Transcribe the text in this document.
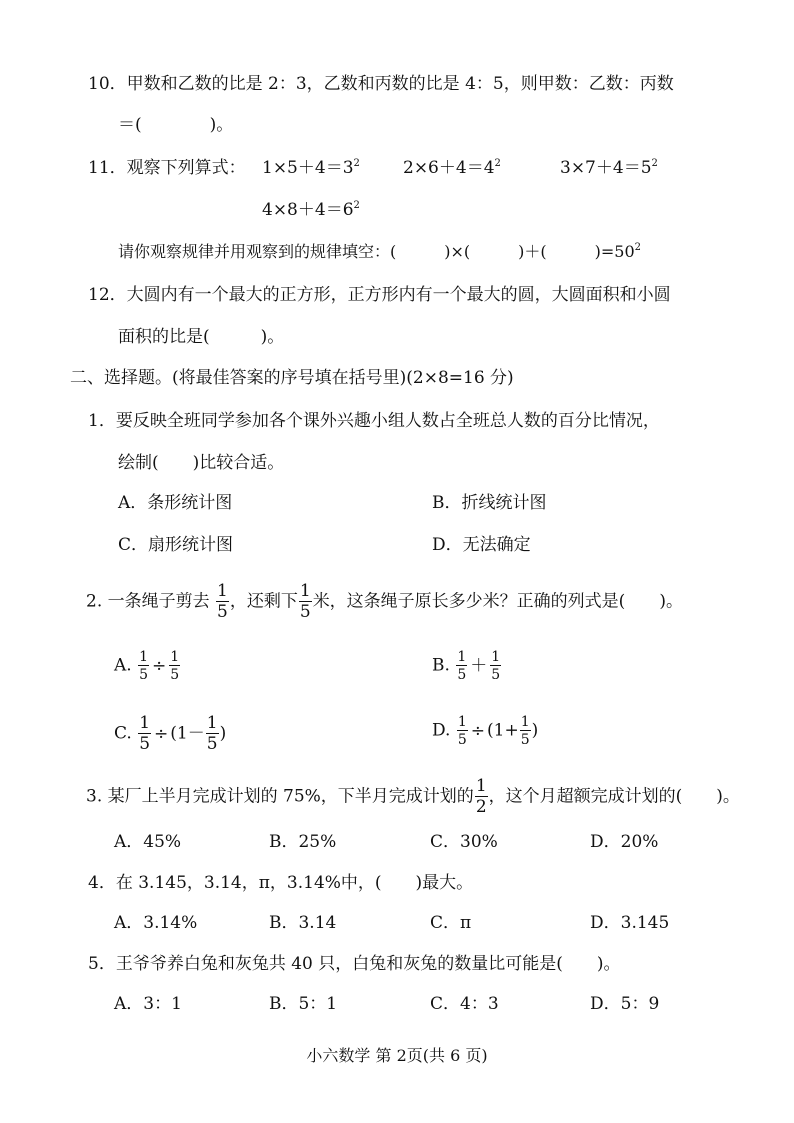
10．甲数和乙数的比是 2：3，乙数和丙数的比是 4：5，则甲数：乙数：丙数
＝(　　　　)。
11．观察下列算式： $1\times 5+4=3^2$	$2\times 6+4=4^2$	$3\times 7+4=5^2$
$4\times 8+4=6^2$
请你观察规律并用观察到的规律填空：(　　　)×(　　　)＋(　　　)$=50^2$
12．大圆内有一个最大的正方形，正方形内有一个最大的圆，大圆面积和小圆
面积的比是(　　　)。
二、选择题。(将最佳答案的序号填在括号里)(2×8=16 分)
1．要反映全班同学参加各个课外兴趣小组人数占全班总人数的百分比情况，
绘制(　　)比较合适。
A．条形统计图	B．折线统计图
C．扇形统计图	D．无法确定
2. 一条绳子剪去 $\frac{1}{5}$ ，还剩下 $\frac{1}{5}$ 米，这条绳子原长多少米？正确的列式是(　　)。
A. $\frac{1}{5} \div \frac{1}{5}$	B. $\frac{1}{5} + \frac{1}{5}$
C. $\frac{1}{5} \div (1- \frac{1}{5}$ )	D. $\frac{1}{5} \div (1+ \frac{1}{5}$ )
3. 某厂上半月完成计划的 75%，下半月完成计划的 $\frac{1}{2}$ ，这个月超额完成计划的(　　)。
A．45%	B．25%	C．30%	D．20%
4．在 3.145，3.14，π，3.14%中，(　　)最大。
A．3.14%	B．3.14	C．π	D．3.145
5．王爷爷养白兔和灰兔共 40 只，白兔和灰兔的数量比可能是(　　)。
A．3：1	B．5：1	C．4：3	D．5：9
小六数学 第 2页(共 6 页)
